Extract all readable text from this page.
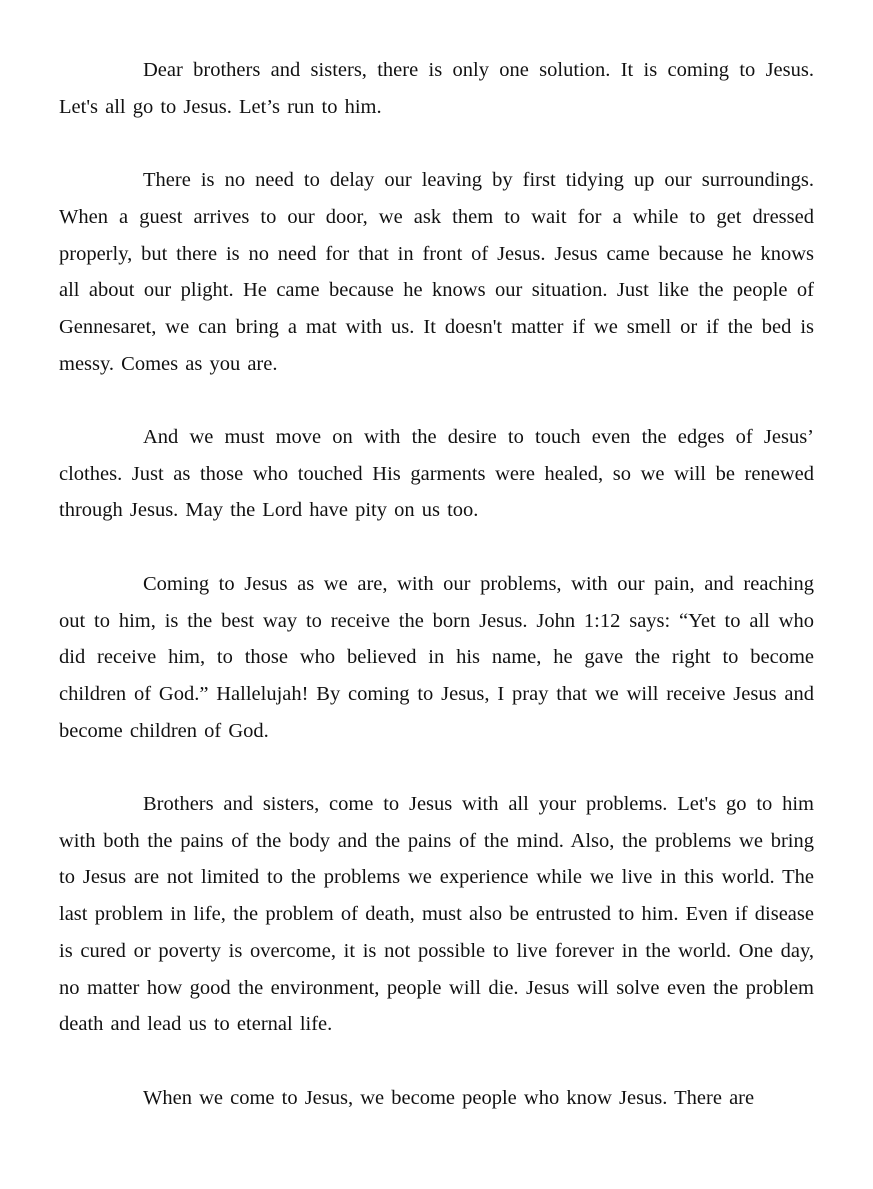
Dear brothers and sisters, there is only one solution. It is coming to Jesus. Let's all go to Jesus. Let’s run to him.

There is no need to delay our leaving by first tidying up our surroundings. When a guest arrives to our door, we ask them to wait for a while to get dressed properly, but there is no need for that in front of Jesus. Jesus came because he knows all about our plight. He came because he knows our situation. Just like the people of Gennesaret, we can bring a mat with us. It doesn't matter if we smell or if the bed is messy. Comes as you are.

And we must move on with the desire to touch even the edges of Jesus’ clothes. Just as those who touched His garments were healed, so we will be renewed through Jesus. May the Lord have pity on us too.

Coming to Jesus as we are, with our problems, with our pain, and reaching out to him, is the best way to receive the born Jesus. John 1:12 says: “Yet to all who did receive him, to those who believed in his name, he gave the right to become children of God.” Hallelujah! By coming to Jesus, I pray that we will receive Jesus and become children of God.

Brothers and sisters, come to Jesus with all your problems. Let's go to him with both the pains of the body and the pains of the mind. Also, the problems we bring to Jesus are not limited to the problems we experience while we live in this world. The last problem in life, the problem of death, must also be entrusted to him. Even if disease is cured or poverty is overcome, it is not possible to live forever in the world. One day, no matter how good the environment, people will die. Jesus will solve even the problem death and lead us to eternal life.

When we come to Jesus, we become people who know Jesus. There are
